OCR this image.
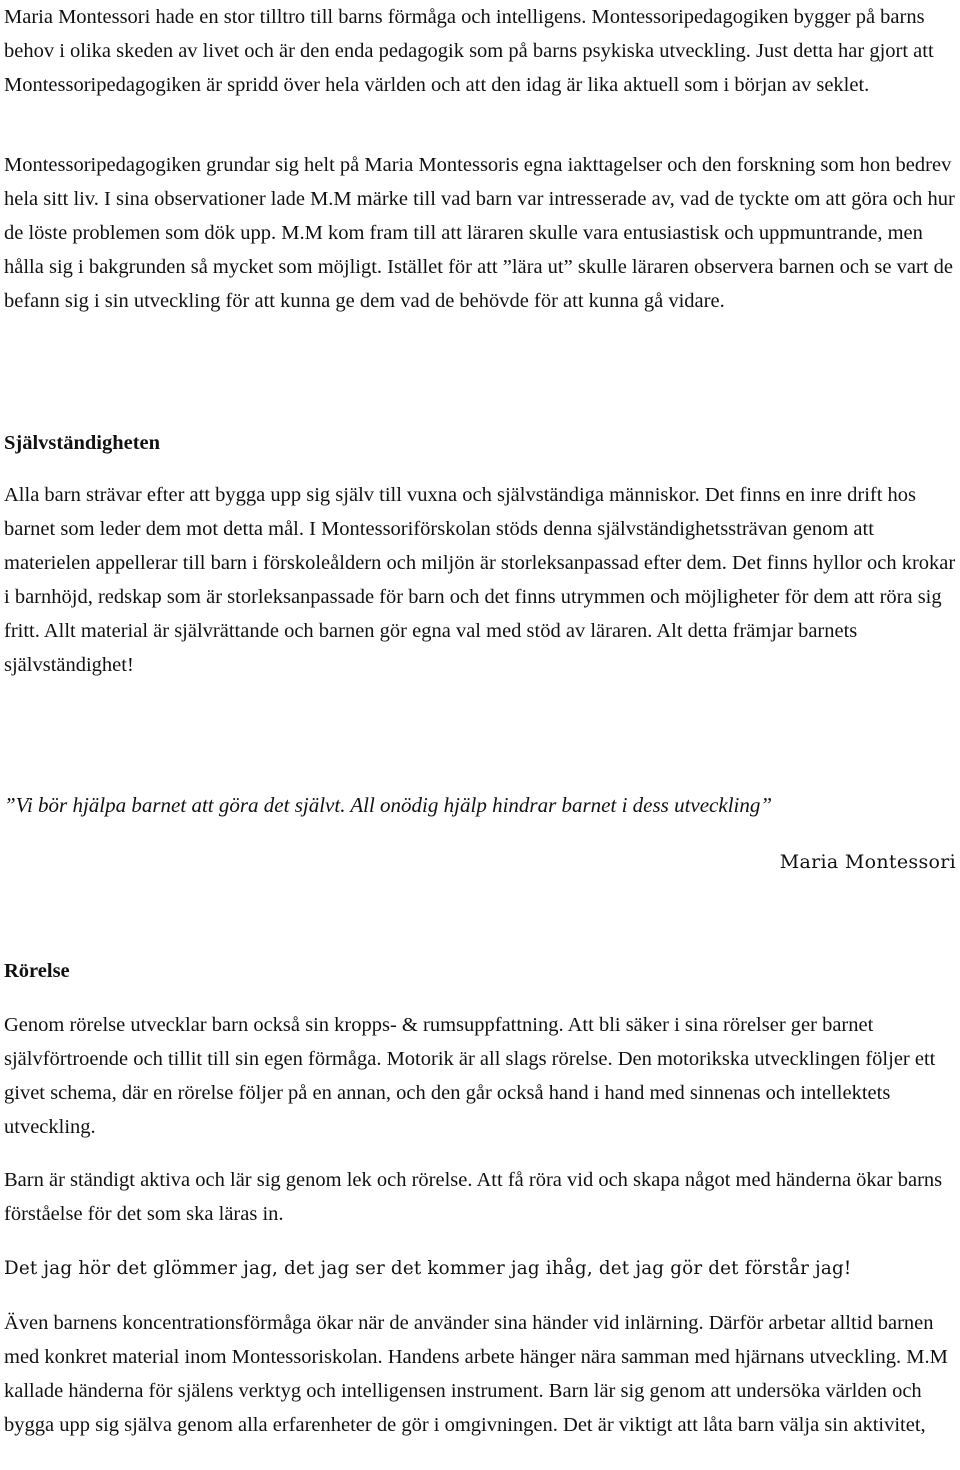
Maria Montessori hade en stor tilltro till barns förmåga och intelligens. Montessoripedagogiken bygger på barns behov i olika skeden av livet och är den enda pedagogik som på barns psykiska utveckling. Just detta har gjort att Montessoripedagogiken är spridd över hela världen och att den idag är lika aktuell som i början av seklet.

Montessoripedagogiken grundar sig helt på Maria Montessoris egna iakttagelser och den forskning som hon bedrev hela sitt liv. I sina observationer lade M.M märke till vad barn var intresserade av, vad de tyckte om att göra och hur de löste problemen som dök upp. M.M kom fram till att läraren skulle vara entusiastisk och uppmuntrande, men hålla sig i bakgrunden så mycket som möjligt. Istället för att ”lära ut” skulle läraren observera barnen och se vart de befann sig i sin utveckling för att kunna ge dem vad de behövde för att kunna gå vidare.

Självständigheten

Alla barn strävar efter att bygga upp sig själv till vuxna och självständiga människor. Det finns en inre drift hos barnet som leder dem mot detta mål. I Montessoriförskolan stöds denna självständighetssträvan genom att materielen appellerar till barn i förskoleåldern och miljön är storleksanpassad efter dem. Det finns hyllor och krokar i barnhöjd, redskap som är storleksanpassade för barn och det finns utrymmen och möjligheter för dem att röra sig fritt. Allt material är självrättande och barnen gör egna val med stöd av läraren. Alt detta främjar barnets självständighet!

”Vi bör hjälpa barnet att göra det självt. All onödig hjälp hindrar barnet i dess utveckling”

Maria Montessori

Rörelse

Genom rörelse utvecklar barn också sin kropps- & rumsuppfattning. Att bli säker i sina rörelser ger barnet självförtroende och tillit till sin egen förmåga. Motorik är all slags rörelse. Den motorikska utvecklingen följer ett givet schema, där en rörelse följer på en annan, och den går också hand i hand med sinnenas och intellektets utveckling.

Barn är ständigt aktiva och lär sig genom lek och rörelse. Att få röra vid och skapa något med händerna ökar barns förståelse för det som ska läras in.

Det jag hör det glömmer jag, det jag ser det kommer jag ihåg, det jag gör det förstår jag!

Även barnens koncentrationsförmåga ökar när de använder sina händer vid inlärning. Därför arbetar alltid barnen med konkret material inom Montessoriskolan. Handens arbete hänger nära samman med hjärnans utveckling. M.M kallade händerna för själens verktyg och intelligensen instrument. Barn lär sig genom att undersöka världen och bygga upp sig själva genom alla erfarenheter de gör i omgivningen. Det är viktigt att låta barn välja sin aktivitet,
